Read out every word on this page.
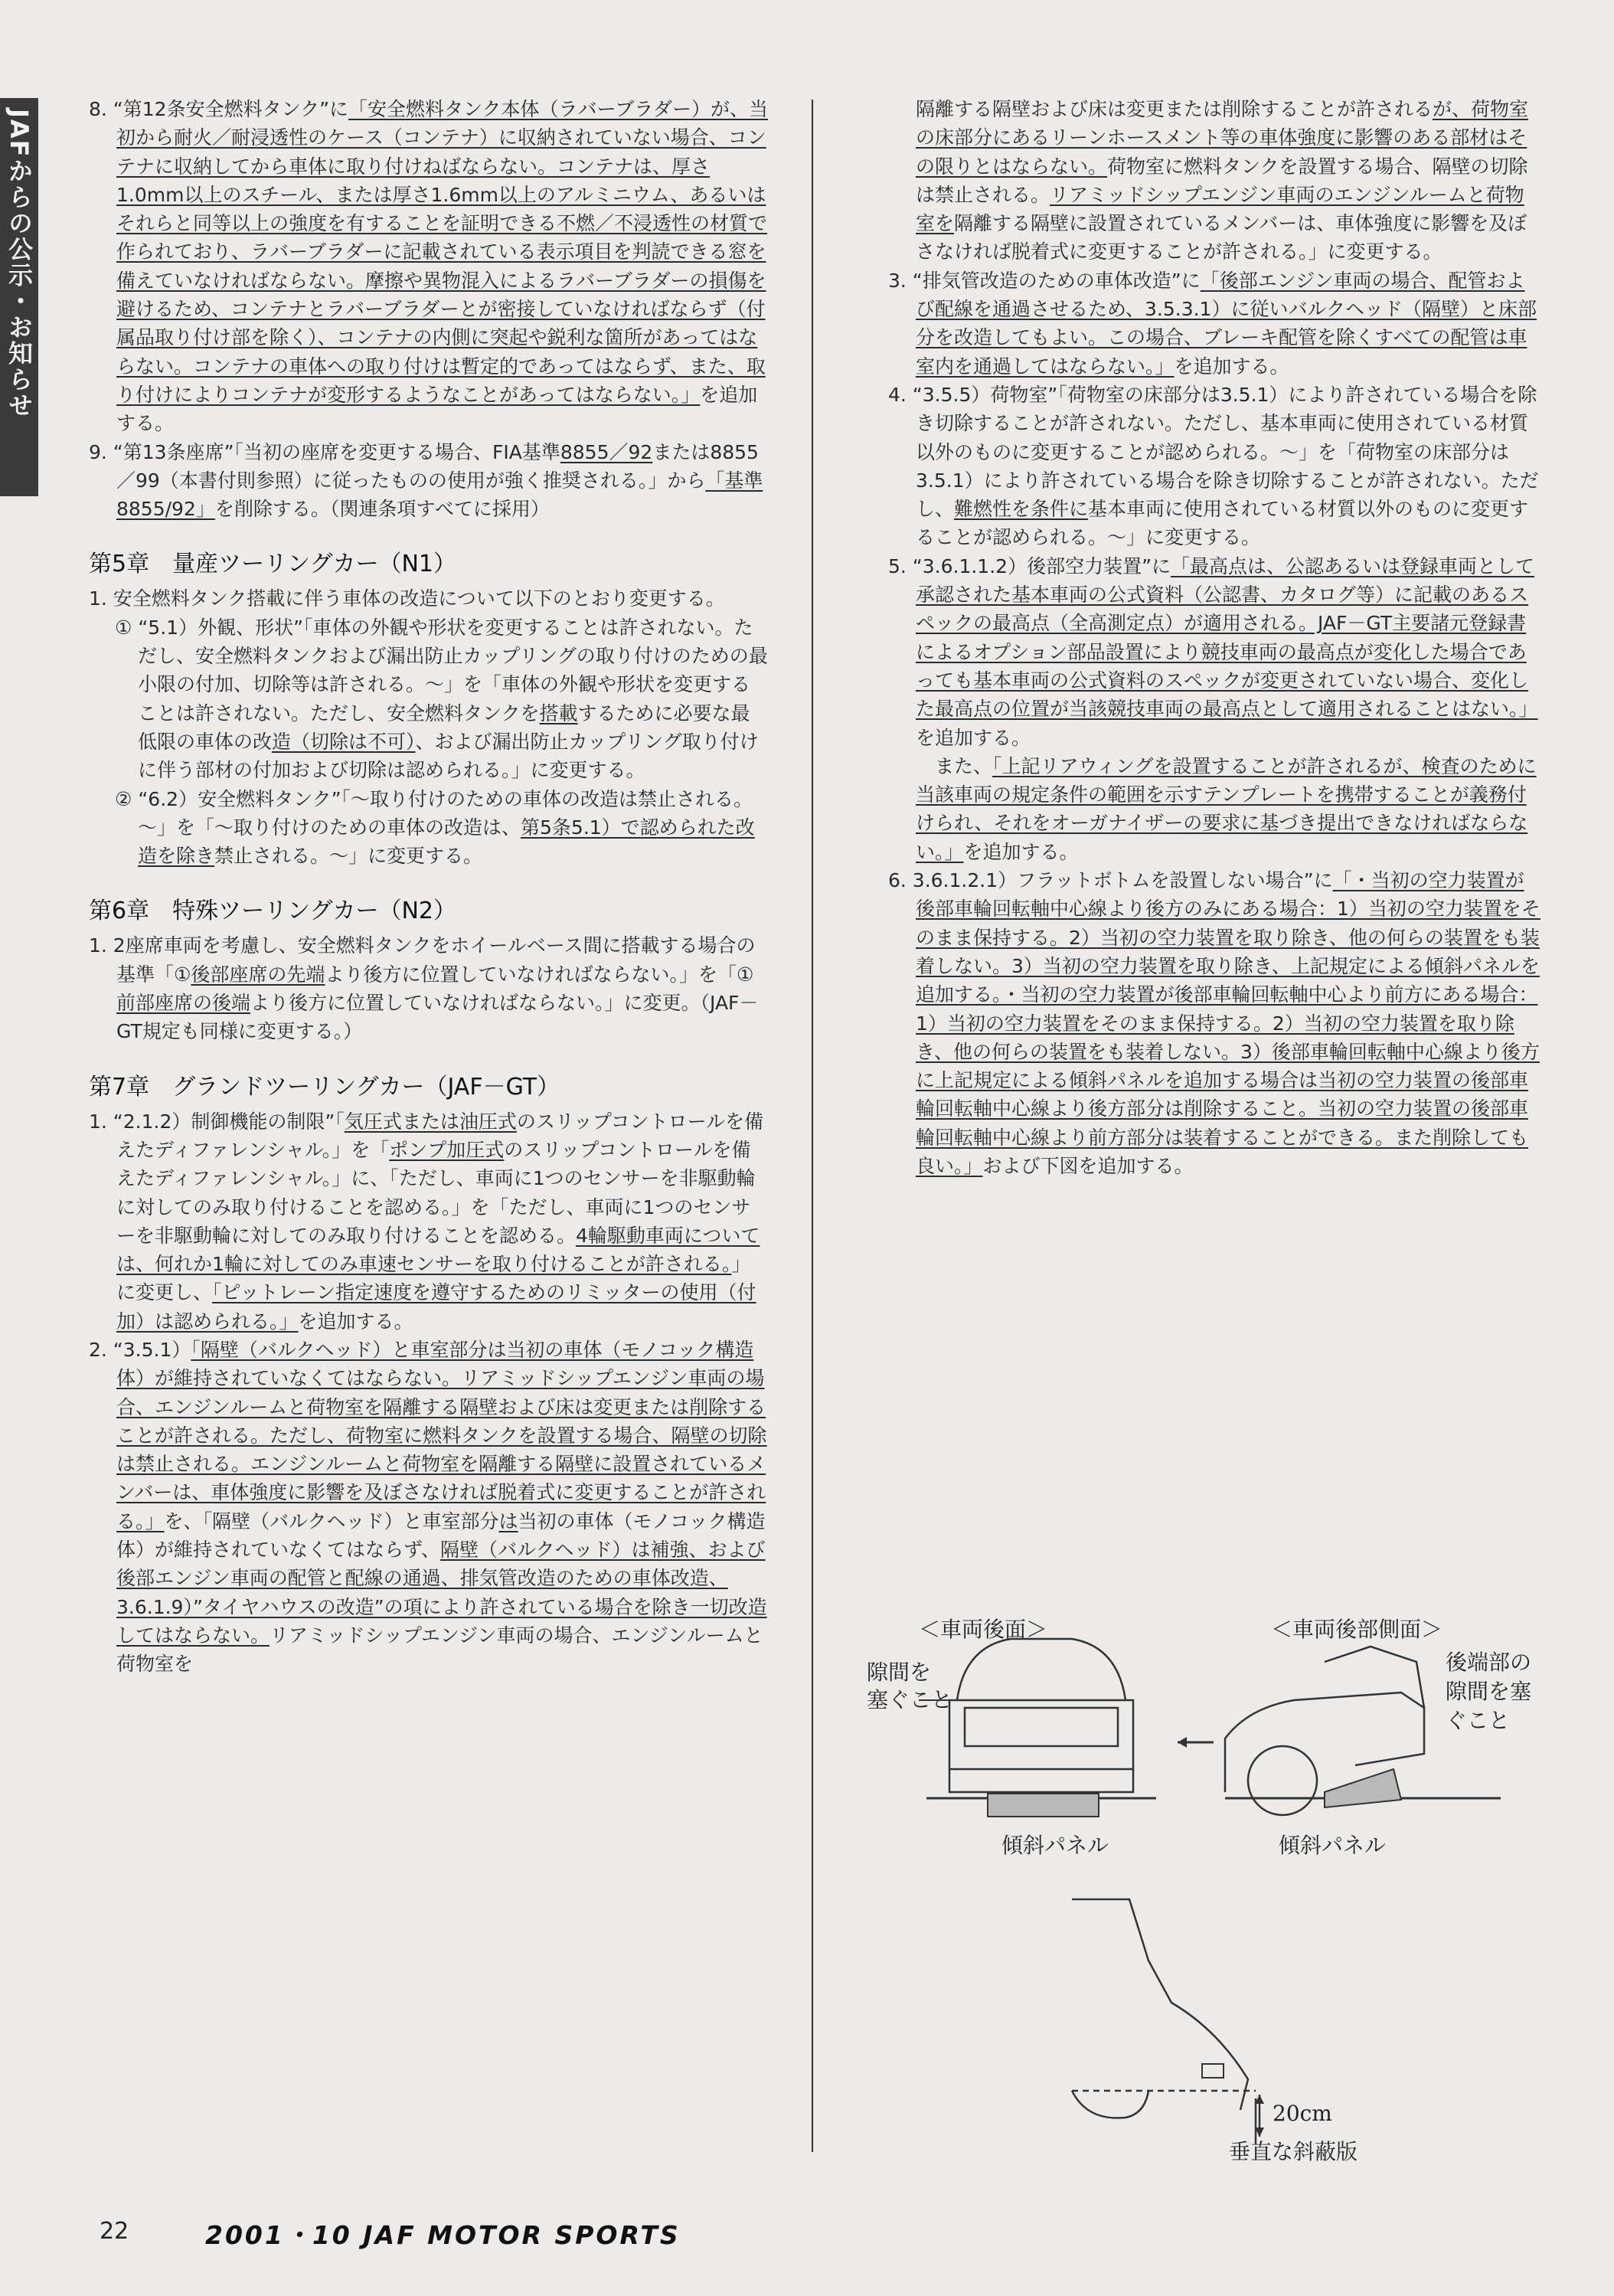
JAFからの公示・お知らせ	8. “第12条安全燃料タンク”に「安全燃料タンク本体（ラバーブラダー）が、当初から耐火／耐浸透性のケース（コンテナ）に収納されていない場合、コンテナに収納してから車体に取り付けねばならない。コンテナは、厚さ1.0mm以上のスチール、または厚さ1.6mm以上のアルミニウム、あるいはそれらと同等以上の強度を有することを証明できる不燃／不浸透性の材質で作られており、ラバーブラダーに記載されている表示項目を判読できる窓を備えていなければならない。摩擦や異物混入によるラバーブラダーの損傷を避けるため、コンテナとラバーブラダーとが密接していなければならず（付属品取り付け部を除く）、コンテナの内側に突起や鋭利な箇所があってはならない。コンテナの車体への取り付けは暫定的であってはならず、また、取り付けによりコンテナが変形するようなことがあってはならない。」を追加する。

9. “第13条座席”「当初の座席を変更する場合、FIA基準8855／92または8855／99（本書付則参照）に従ったものの使用が強く推奨される。」から「基準8855/92」を削除する。（関連条項すべてに採用）

第5章　量産ツーリングカー（N1）

1. 安全燃料タンク搭載に伴う車体の改造について以下のとおり変更する。

① “5.1）外観、形状”「車体の外観や形状を変更することは許されない。ただし、安全燃料タンクおよび漏出防止カップリングの取り付けのための最小限の付加、切除等は許される。～」を「車体の外観や形状を変更することは許されない。ただし、安全燃料タンクを搭載するために必要な最低限の車体の改造（切除は不可）、および漏出防止カップリング取り付けに伴う部材の付加および切除は認められる。」に変更する。

② “6.2）安全燃料タンク”「～取り付けのための車体の改造は禁止される。～」を「～取り付けのための車体の改造は、第5条5.1）で認められた改造を除き禁止される。～」に変更する。

第6章　特殊ツーリングカー（N2）

1. 2座席車両を考慮し、安全燃料タンクをホイールベース間に搭載する場合の基準「①後部座席の先端より後方に位置していなければならない。」を「①前部座席の後端より後方に位置していなければならない。」に変更。（JAF－GT規定も同様に変更する。）

第7章　グランドツーリングカー（JAF－GT）

1. “2.1.2）制御機能の制限”「気圧式または油圧式のスリップコントロールを備えたディファレンシャル。」を「ポンプ加圧式のスリップコントロールを備えたディファレンシャル。」に、「ただし、車両に1つのセンサーを非駆動輪に対してのみ取り付けることを認める。」を「ただし、車両に1つのセンサーを非駆動輪に対してのみ取り付けることを認める。4輪駆動車両については、何れか1輪に対してのみ車速センサーを取り付けることが許される。」に変更し、「ピットレーン指定速度を遵守するためのリミッターの使用（付加）は認められる。」を追加する。

2. “3.5.1）「隔壁（バルクヘッド）と車室部分は当初の車体（モノコック構造体）が維持されていなくてはならない。リアミッドシップエンジン車両の場合、エンジンルームと荷物室を隔離する隔壁および床は変更または削除することが許される。ただし、荷物室に燃料タンクを設置する場合、隔壁の切除は禁止される。エンジンルームと荷物室を隔離する隔壁に設置されているメンバーは、車体強度に影響を及ぼさなければ脱着式に変更することが許される。」を、「隔壁（バルクヘッド）と車室部分は当初の車体（モノコック構造体）が維持されていなくてはならず、隔壁（バルクヘッド）は補強、および後部エンジン車両の配管と配線の通過、排気管改造のための車体改造、3.6.1.9）”タイヤハウスの改造”の項により許されている場合を除き一切改造してはならない。リアミッドシップエンジン車両の場合、エンジンルームと荷物室を

隔離する隔壁および床は変更または削除することが許されるが、荷物室の床部分にあるリーンホースメント等の車体強度に影響のある部材はその限りとはならない。荷物室に燃料タンクを設置する場合、隔壁の切除は禁止される。リアミッドシップエンジン車両のエンジンルームと荷物室を隔離する隔壁に設置されているメンバーは、車体強度に影響を及ぼさなければ脱着式に変更することが許される。」に変更する。

3. “排気管改造のための車体改造”に「後部エンジン車両の場合、配管および配線を通過させるため、3.5.3.1）に従いバルクヘッド（隔壁）と床部分を改造してもよい。この場合、ブレーキ配管を除くすべての配管は車室内を通過してはならない。」を追加する。

4. “3.5.5）荷物室”「荷物室の床部分は3.5.1）により許されている場合を除き切除することが許されない。ただし、基本車両に使用されている材質以外のものに変更することが認められる。～」を「荷物室の床部分は3.5.1）により許されている場合を除き切除することが許されない。ただし、難燃性を条件に基本車両に使用されている材質以外のものに変更することが認められる。～」に変更する。

5. “3.6.1.1.2）後部空力装置”に「最高点は、公認あるいは登録車両として承認された基本車両の公式資料（公認書、カタログ等）に記載のあるスペックの最高点（全高測定点）が適用される。JAF－GT主要諸元登録書によるオプション部品設置により競技車両の最高点が変化した場合であっても基本車両の公式資料のスペックが変更されていない場合、変化した最高点の位置が当該競技車両の最高点として適用されることはない。」を追加する。

　また、「上記リアウィングを設置することが許されるが、検査のために当該車両の規定条件の範囲を示すテンプレートを携帯することが義務付けられ、それをオーガナイザーの要求に基づき提出できなければならない。」を追加する。

6. 3.6.1.2.1）フラットボトムを設置しない場合”に「・当初の空力装置が後部車輪回転軸中心線より後方のみにある場合：1）当初の空力装置をそのまま保持する。2）当初の空力装置を取り除き、他の何らの装置をも装着しない。3）当初の空力装置を取り除き、上記規定による傾斜パネルを追加する。・当初の空力装置が後部車輪回転軸中心より前方にある場合：1）当初の空力装置をそのまま保持する。2）当初の空力装置を取り除き、他の何らの装置をも装着しない。3）後部車輪回転軸中心線より後方に上記規定による傾斜パネルを追加する場合は当初の空力装置の後部車輪回転軸中心線より後方部分は削除すること。当初の空力装置の後部車輪回転軸中心線より前方部分は装着することができる。また削除しても良い。」および下図を追加する。

＜車両後面＞	＜車両後部側面＞
隙間を
塞ぐこと
後端部の
隙間を塞
ぐこと
傾斜パネル	傾斜パネル
20cm
垂直な斜蔽版
22	2001・10 JAF MOTOR SPORTS
